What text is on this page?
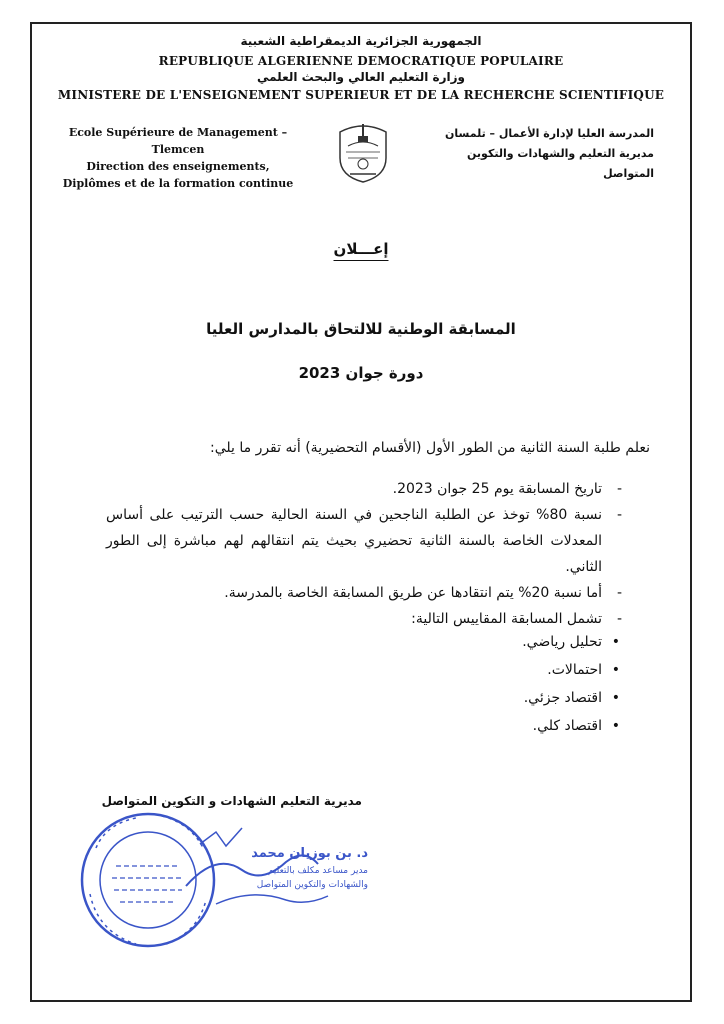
الجمهورية الجزائرية الديمقراطية الشعبية
REPUBLIQUE ALGERIENNE DEMOCRATIQUE POPULAIRE
وزارة التعليم العالي والبحث العلمي
MINISTERE DE L'ENSEIGNEMENT SUPERIEUR ET DE LA RECHERCHE SCIENTIFIQUE
Ecole Supérieure de Management –Tlemcen
Direction des enseignements,
Diplômes et de la formation continue
المدرسة العليا لإدارة الأعمال – تلمسان
مديرية التعليم والشهادات والتكوين
المتواصل
إعـــلان
المسابقة الوطنية للالتحاق بالمدارس العليا
دورة جوان 2023
نعلم طلبة السنة الثانية من الطور الأول (الأقسام التحضيرية) أنه تقرر ما يلي:
-
تاريخ المسابقة يوم 25 جوان 2023.
-
نسبة 80% توخذ عن الطلبة الناجحين في السنة الحالية حسب الترتيب على أساس المعدلات الخاصة بالسنة الثانية تحضيري بحيث يتم انتقالهم لهم مباشرة إلى الطور الثاني.
-
أما نسبة 20% يتم انتقادها عن طريق المسابقة الخاصة بالمدرسة.
-
تشمل المسابقة المقاييس التالية:
•
تحليل رياضي.
•
احتمالات.
•
اقتصاد جزئي.
•
اقتصاد كلي.
مديرية التعليم الشهادات و التكوين المتواصل
د. بن بوزيان محمد
مدير مساعد مكلف بالتعليم
والشهادات والتكوين المتواصل
